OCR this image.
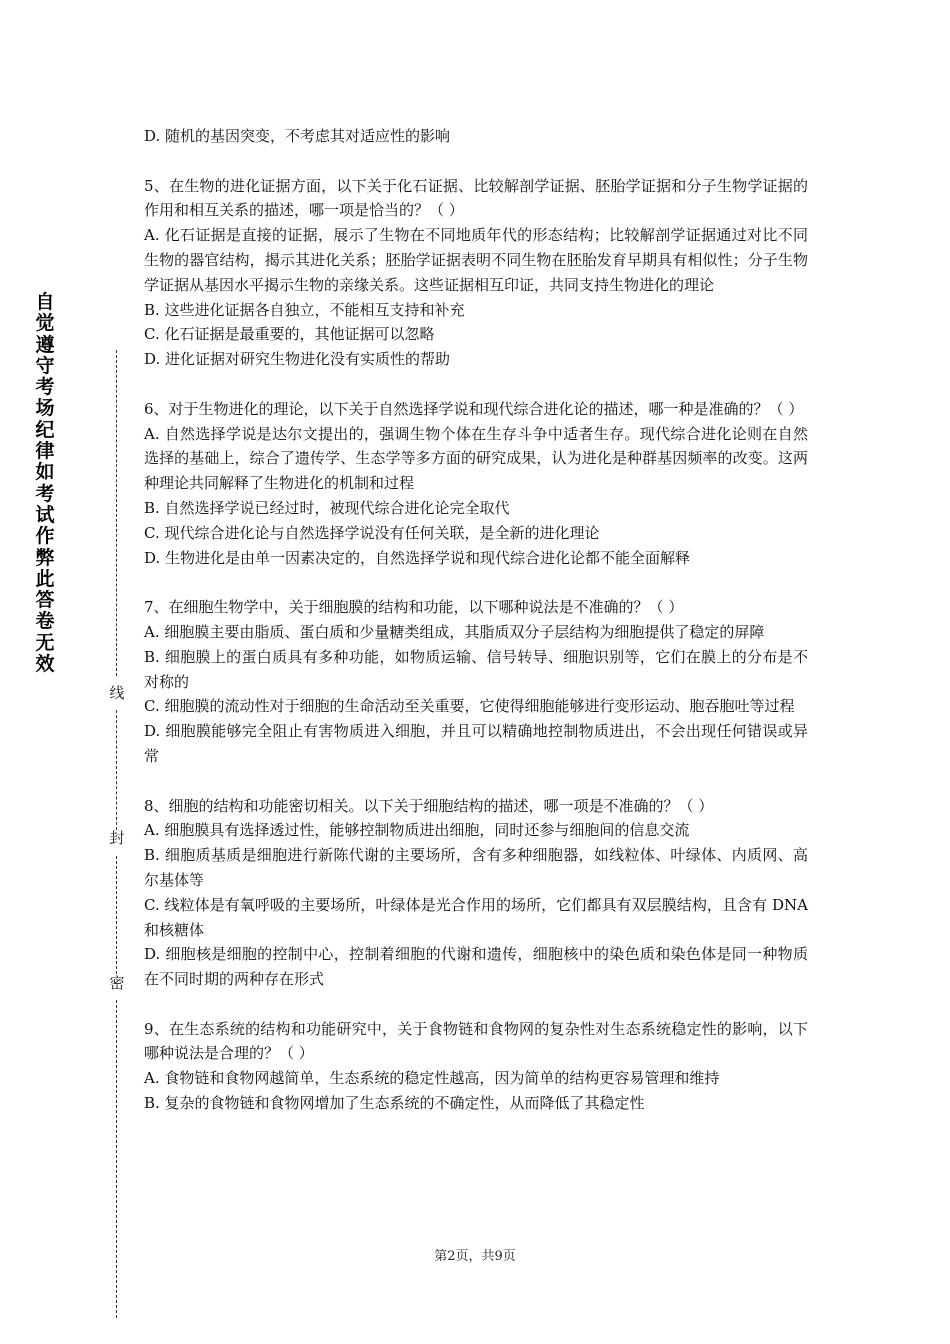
自觉遵守考场纪律如考试作弊此答卷无效
线
封
密

D. 随机的基因突变，不考虑其对适应性的影响

5、在生物的进化证据方面，以下关于化石证据、比较解剖学证据、胚胎学证据和分子生物学证据的作用和相互关系的描述，哪一项是恰当的？（ ）

A. 化石证据是直接的证据，展示了生物在不同地质年代的形态结构；比较解剖学证据通过对比不同生物的器官结构，揭示其进化关系；胚胎学证据表明不同生物在胚胎发育早期具有相似性；分子生物学证据从基因水平揭示生物的亲缘关系。这些证据相互印证，共同支持生物进化的理论

B. 这些进化证据各自独立，不能相互支持和补充

C. 化石证据是最重要的，其他证据可以忽略

D. 进化证据对研究生物进化没有实质性的帮助

6、对于生物进化的理论，以下关于自然选择学说和现代综合进化论的描述，哪一种是准确的？（ ）

A. 自然选择学说是达尔文提出的，强调生物个体在生存斗争中适者生存。现代综合进化论则在自然选择的基础上，综合了遗传学、生态学等多方面的研究成果，认为进化是种群基因频率的改变。这两种理论共同解释了生物进化的机制和过程

B. 自然选择学说已经过时，被现代综合进化论完全取代

C. 现代综合进化论与自然选择学说没有任何关联，是全新的进化理论

D. 生物进化是由单一因素决定的，自然选择学说和现代综合进化论都不能全面解释

7、在细胞生物学中，关于细胞膜的结构和功能，以下哪种说法是不准确的？（ ）

A. 细胞膜主要由脂质、蛋白质和少量糖类组成，其脂质双分子层结构为细胞提供了稳定的屏障

B. 细胞膜上的蛋白质具有多种功能，如物质运输、信号转导、细胞识别等，它们在膜上的分布是不对称的

C. 细胞膜的流动性对于细胞的生命活动至关重要，它使得细胞能够进行变形运动、胞吞胞吐等过程

D. 细胞膜能够完全阻止有害物质进入细胞，并且可以精确地控制物质进出，不会出现任何错误或异常

8、细胞的结构和功能密切相关。以下关于细胞结构的描述，哪一项是不准确的？（ ）

A. 细胞膜具有选择透过性，能够控制物质进出细胞，同时还参与细胞间的信息交流

B. 细胞质基质是细胞进行新陈代谢的主要场所，含有多种细胞器，如线粒体、叶绿体、内质网、高尔基体等

C. 线粒体是有氧呼吸的主要场所，叶绿体是光合作用的场所，它们都具有双层膜结构，且含有 DNA 和核糖体

D. 细胞核是细胞的控制中心，控制着细胞的代谢和遗传，细胞核中的染色质和染色体是同一种物质在不同时期的两种存在形式

9、在生态系统的结构和功能研究中，关于食物链和食物网的复杂性对生态系统稳定性的影响，以下哪种说法是合理的？（ ）

A. 食物链和食物网越简单，生态系统的稳定性越高，因为简单的结构更容易管理和维持

B. 复杂的食物链和食物网增加了生态系统的不确定性，从而降低了其稳定性

第2页，共9页
